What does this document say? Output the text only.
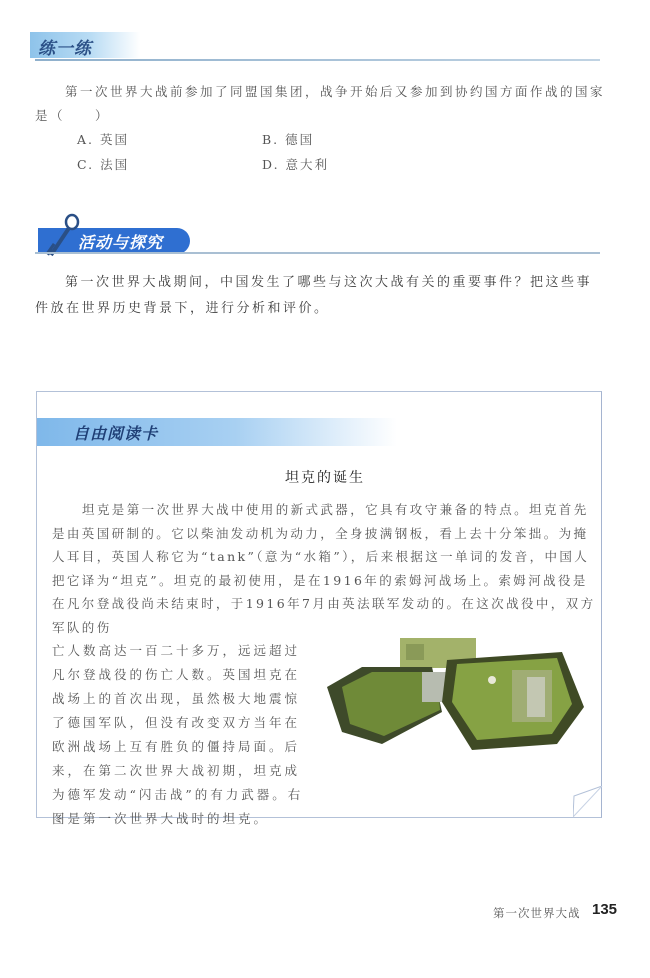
练一练
第一次世界大战前参加了同盟国集团，战争开始后又参加到协约国方面作战的国家是（　　）
A. 英国	B. 德国
C. 法国	D. 意大利
活动与探究
第一次世界大战期间，中国发生了哪些与这次大战有关的重要事件？把这些事件放在世界历史背景下，进行分析和评价。
自由阅读卡
坦克的诞生
坦克是第一次世界大战中使用的新式武器，它具有攻守兼备的特点。坦克首先是由英国研制的。它以柴油发动机为动力，全身披满钢板，看上去十分笨拙。为掩人耳目，英国人称它为“tank”（意为“水箱”），后来根据这一单词的发音，中国人把它译为“坦克”。坦克的最初使用，是在1916年的索姆河战场上。索姆河战役是在凡尔登战役尚未结束时，于1916年7月由英法联军发动的。在这次战役中，双方军队的伤
亡人数高达一百二十多万，远远超过凡尔登战役的伤亡人数。英国坦克在战场上的首次出现，虽然极大地震惊了德国军队，但没有改变双方当年在欧洲战场上互有胜负的僵持局面。后来，在第二次世界大战初期，坦克成为德军发动“闪击战”的有力武器。右图是第一次世界大战时的坦克。
第一次世界大战 135
